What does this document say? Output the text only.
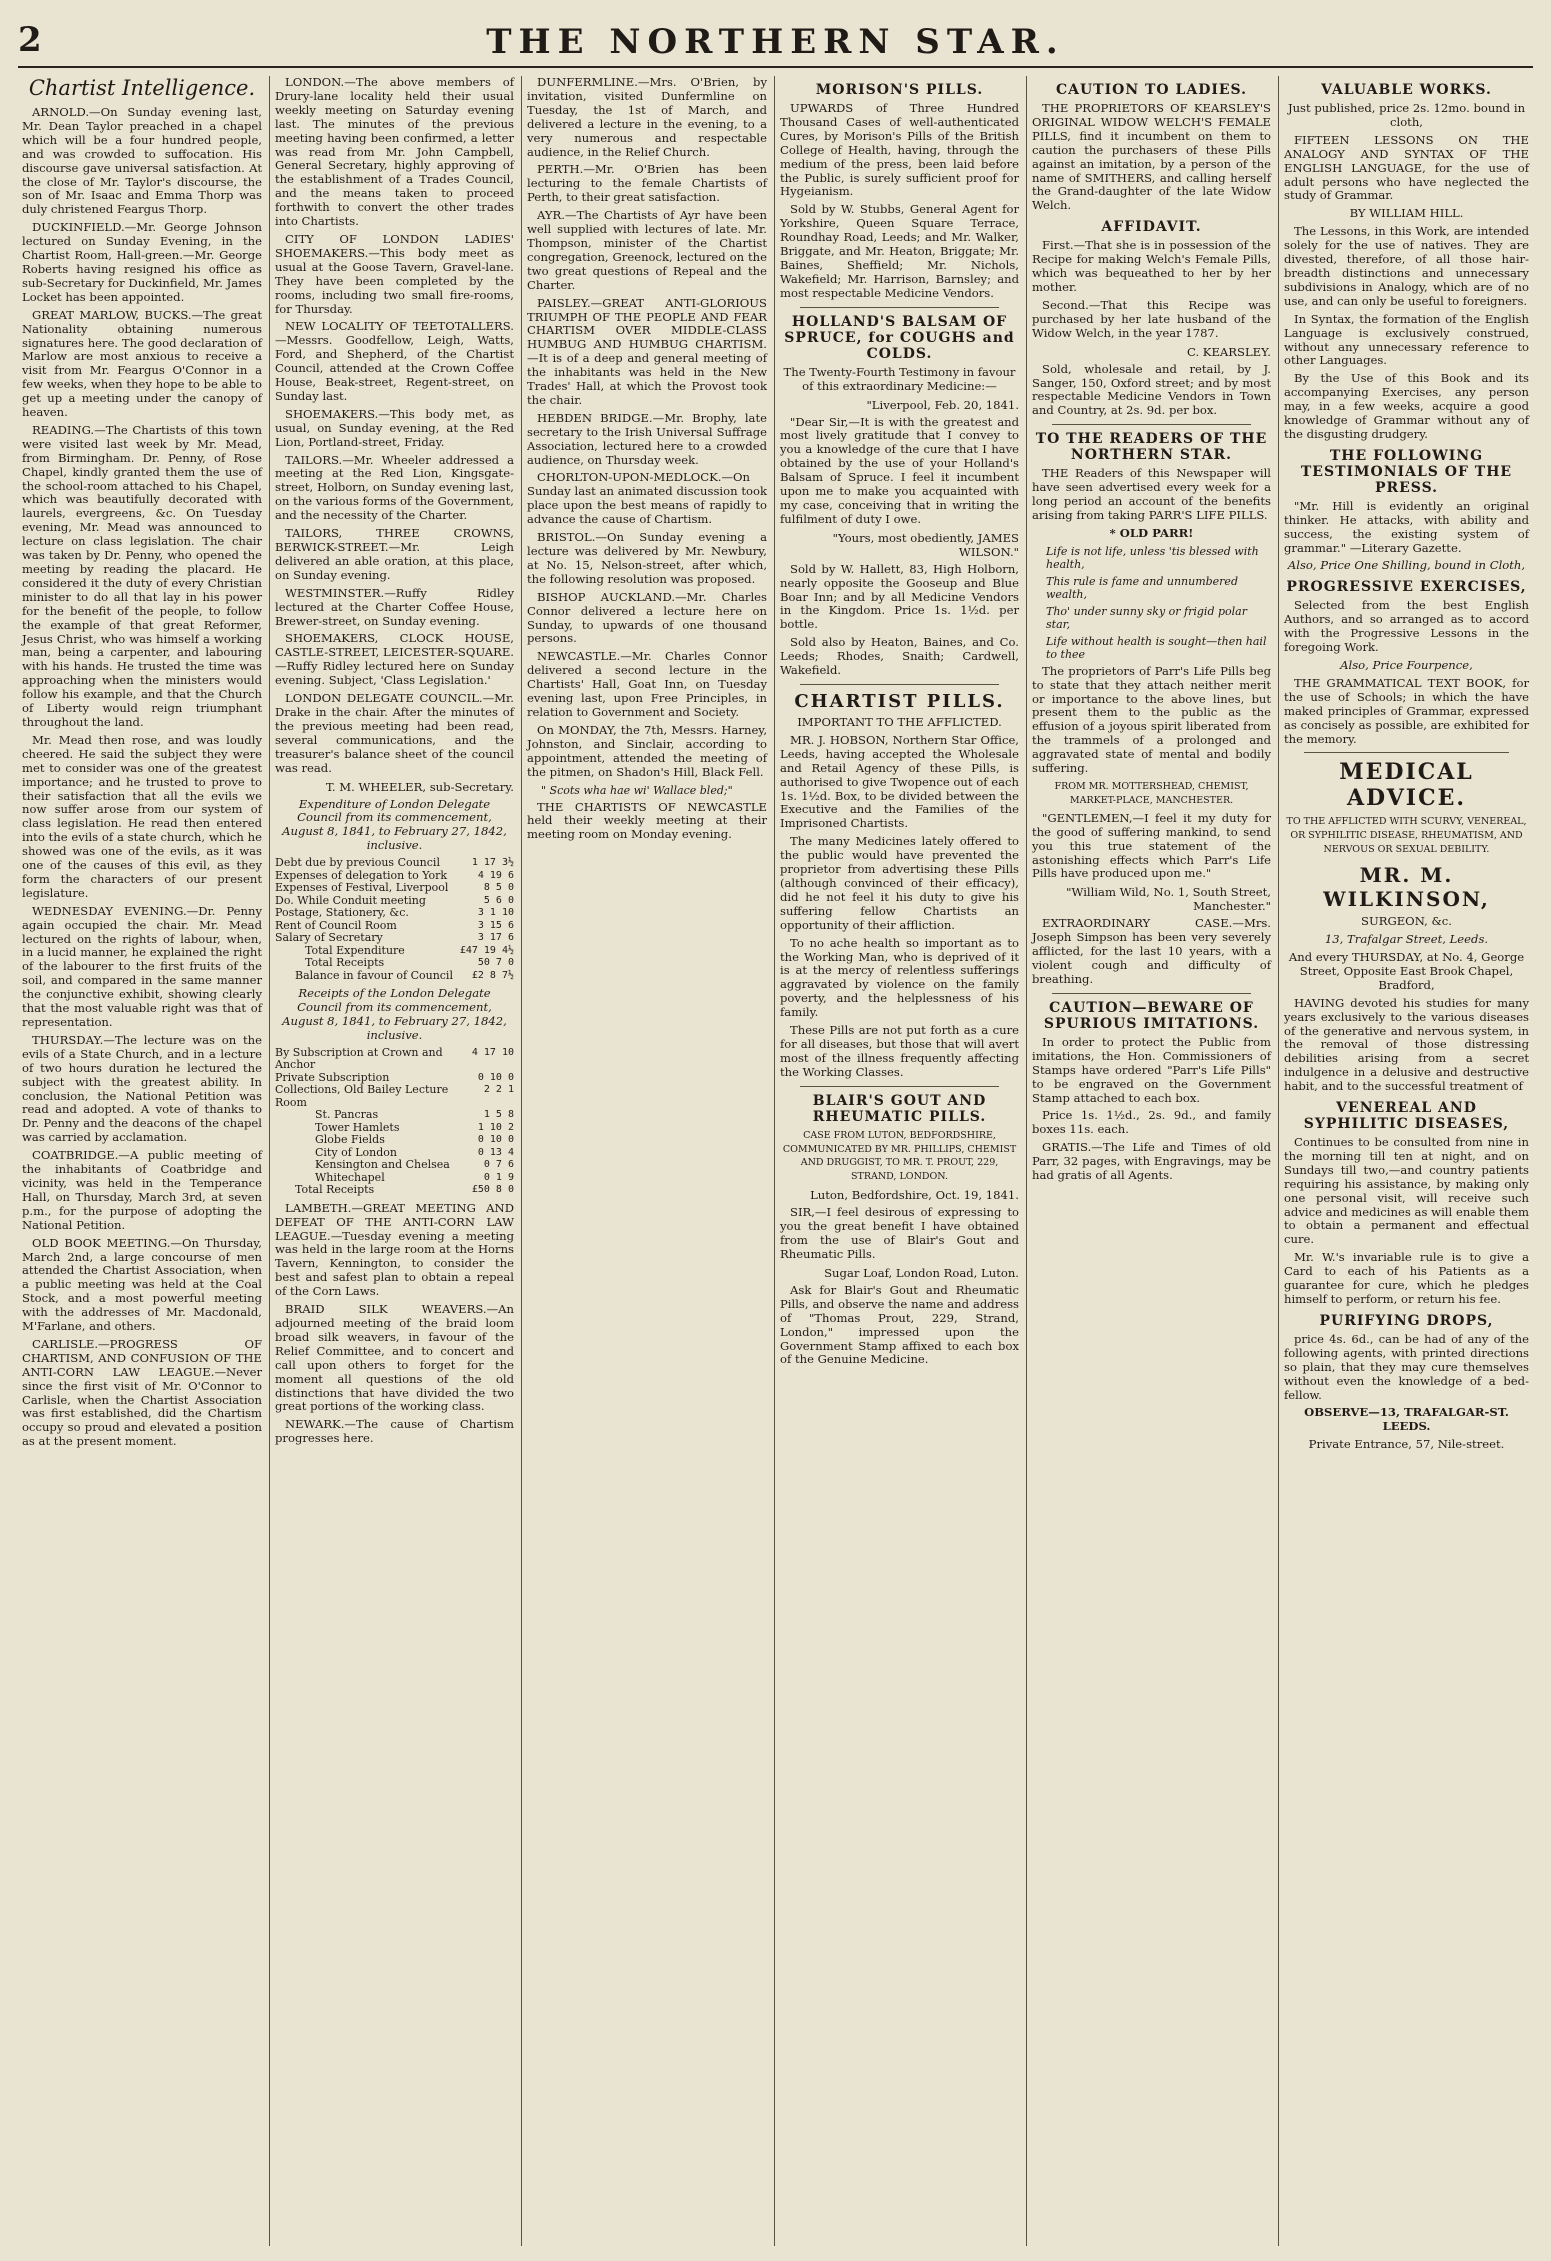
2	THE NORTHERN STAR.
Chartist Intelligence.

ARNOLD.—On Sunday evening last, Mr. Dean Taylor preached in a chapel which will be a four hundred people, and was crowded to suffocation. His discourse gave universal satisfaction. At the close of Mr. Taylor's discourse, the son of Mr. Isaac and Emma Thorp was duly christened Feargus Thorp.

DUCKINFIELD.—Mr. George Johnson lectured on Sunday Evening, in the Chartist Room, Hall-green.—Mr. George Roberts having resigned his office as sub-Secretary for Duckinfield, Mr. James Locket has been appointed.

GREAT MARLOW, BUCKS.—The great Nationality obtaining numerous signatures here. The good declaration of Marlow are most anxious to receive a visit from Mr. Feargus O'Connor in a few weeks, when they hope to be able to get up a meeting under the canopy of heaven.

READING.—The Chartists of this town were visited last week by Mr. Mead, from Birmingham. Dr. Penny, of Rose Chapel, kindly granted them the use of the school-room attached to his Chapel, which was beautifully decorated with laurels, evergreens, &c. On Tuesday evening, Mr. Mead was announced to lecture on class legislation. The chair was taken by Dr. Penny, who opened the meeting by reading the placard. He considered it the duty of every Christian minister to do all that lay in his power for the benefit of the people, to follow the example of that great Reformer, Jesus Christ, who was himself a working man, being a carpenter, and labouring with his hands. He trusted the time was approaching when the ministers would follow his example, and that the Church of Liberty would reign triumphant throughout the land.

Mr. Mead then rose, and was loudly cheered. He said the subject they were met to consider was one of the greatest importance; and he trusted to prove to their satisfaction that all the evils we now suffer arose from our system of class legislation. He read then entered into the evils of a state church, which he showed was one of the evils, as it was one of the causes of this evil, as they form the characters of our present legislature.

WEDNESDAY EVENING.—Dr. Penny again occupied the chair. Mr. Mead lectured on the rights of labour, when, in a lucid manner, he explained the right of the labourer to the first fruits of the soil, and compared in the same manner the conjunctive exhibit, showing clearly that the most valuable right was that of representation.

THURSDAY.—The lecture was on the evils of a State Church, and in a lecture of two hours duration he lectured the subject with the greatest ability. In conclusion, the National Petition was read and adopted. A vote of thanks to Dr. Penny and the deacons of the chapel was carried by acclamation.

COATBRIDGE.—A public meeting of the inhabitants of Coatbridge and vicinity, was held in the Temperance Hall, on Thursday, March 3rd, at seven p.m., for the purpose of adopting the National Petition.

OLD BOOK MEETING.—On Thursday, March 2nd, a large concourse of men attended the Chartist Association, when a public meeting was held at the Coal Stock, and a most powerful meeting with the addresses of Mr. Macdonald, M'Farlane, and others.

CARLISLE.—PROGRESS OF CHARTISM, AND CONFUSION OF THE ANTI-CORN LAW LEAGUE.—Never since the first visit of Mr. O'Connor to Carlisle, when the Chartist Association was first established, did the Chartism occupy so proud and elevated a position as at the present moment.

LONDON.—The above members of Drury-lane locality held their usual weekly meeting on Saturday evening last. The minutes of the previous meeting having been confirmed, a letter was read from Mr. John Campbell, General Secretary, highly approving of the establishment of a Trades Council, and the means taken to proceed forthwith to convert the other trades into Chartists.

CITY OF LONDON LADIES' SHOEMAKERS.—This body meet as usual at the Goose Tavern, Gravel-lane. They have been completed by the rooms, including two small fire-rooms, for Thursday.

NEW LOCALITY OF TEETOTALLERS.—Messrs. Goodfellow, Leigh, Watts, Ford, and Shepherd, of the Chartist Council, attended at the Crown Coffee House, Beak-street, Regent-street, on Sunday last.

SHOEMAKERS.—This body met, as usual, on Sunday evening, at the Red Lion, Portland-street, Friday.

TAILORS.—Mr. Wheeler addressed a meeting at the Red Lion, Kingsgate-street, Holborn, on Sunday evening last, on the various forms of the Government, and the necessity of the Charter.

TAILORS, THREE CROWNS, BERWICK-STREET.—Mr. Leigh delivered an able oration, at this place, on Sunday evening.

WESTMINSTER.—Ruffy Ridley lectured at the Charter Coffee House, Brewer-street, on Sunday evening.

SHOEMAKERS, CLOCK HOUSE, CASTLE-STREET, LEICESTER-SQUARE.—Ruffy Ridley lectured here on Sunday evening. Subject, 'Class Legislation.'

LONDON DELEGATE COUNCIL.—Mr. Drake in the chair. After the minutes of the previous meeting had been read, several communications, and the treasurer's balance sheet of the council was read.

T. M. WHEELER, sub-Secretary.

Expenditure of London Delegate Council from its commencement, August 8, 1841, to February 27, 1842, inclusive.

Debt due by previous Council	1 17 3½
Expenses of delegation to York	4 19 6
Expenses of Festival, Liverpool	8 5 0
Do. While Conduit meeting	5 6 0
Postage, Stationery, &c.	3 1 10
Rent of Council Room	3 15 6
Salary of Secretary	3 17 6
Total Expenditure	£47 19 4½
Total Receipts	50 7 0
Balance in favour of Council	£2 8 7½

Receipts of the London Delegate Council from its commencement, August 8, 1841, to February 27, 1842, inclusive.

By Subscription at Crown and Anchor	4 17 10
Private Subscription	0 10 0
Collections, Old Bailey Lecture Room	2 2 1
St. Pancras	1 5 8
Tower Hamlets	1 10 2
Globe Fields	0 10 0
City of London	0 13 4
Kensington and Chelsea	0 7 6
Whitechapel	0 1 9
Total Receipts	£50 8 0

LAMBETH.—GREAT MEETING AND DEFEAT OF THE ANTI-CORN LAW LEAGUE.—Tuesday evening a meeting was held in the large room at the Horns Tavern, Kennington, to consider the best and safest plan to obtain a repeal of the Corn Laws.

BRAID SILK WEAVERS.—An adjourned meeting of the braid loom broad silk weavers, in favour of the Relief Committee, and to concert and call upon others to forget for the moment all questions of the old distinctions that have divided the two great portions of the working class.

NEWARK.—The cause of Chartism progresses here.

DUNFERMLINE.—Mrs. O'Brien, by invitation, visited Dunfermline on Tuesday, the 1st of March, and delivered a lecture in the evening, to a very numerous and respectable audience, in the Relief Church.

PERTH.—Mr. O'Brien has been lecturing to the female Chartists of Perth, to their great satisfaction.

AYR.—The Chartists of Ayr have been well supplied with lectures of late. Mr. Thompson, minister of the Chartist congregation, Greenock, lectured on the two great questions of Repeal and the Charter.

PAISLEY.—GREAT ANTI-GLORIOUS TRIUMPH OF THE PEOPLE AND FEAR CHARTISM OVER MIDDLE-CLASS HUMBUG AND HUMBUG CHARTISM.—It is of a deep and general meeting of the inhabitants was held in the New Trades' Hall, at which the Provost took the chair.

HEBDEN BRIDGE.—Mr. Brophy, late secretary to the Irish Universal Suffrage Association, lectured here to a crowded audience, on Thursday week.

CHORLTON-UPON-MEDLOCK.—On Sunday last an animated discussion took place upon the best means of rapidly to advance the cause of Chartism.

BRISTOL.—On Sunday evening a lecture was delivered by Mr. Newbury, at No. 15, Nelson-street, after which, the following resolution was proposed.

BISHOP AUCKLAND.—Mr. Charles Connor delivered a lecture here on Sunday, to upwards of one thousand persons.

NEWCASTLE.—Mr. Charles Connor delivered a second lecture in the Chartists' Hall, Goat Inn, on Tuesday evening last, upon Free Principles, in relation to Government and Society.

On MONDAY, the 7th, Messrs. Harney, Johnston, and Sinclair, according to appointment, attended the meeting of the pitmen, on Shadon's Hill, Black Fell.

" Scots wha hae wi' Wallace bled;"

THE CHARTISTS OF NEWCASTLE held their weekly meeting at their meeting room on Monday evening.

MORISON'S PILLS.

UPWARDS of Three Hundred Thousand Cases of well-authenticated Cures, by Morison's Pills of the British College of Health, having, through the medium of the press, been laid before the Public, is surely sufficient proof for Hygeianism.

Sold by W. Stubbs, General Agent for Yorkshire, Queen Square Terrace, Roundhay Road, Leeds; and Mr. Walker, Briggate, and Mr. Heaton, Briggate; Mr. Baines, Sheffield; Mr. Nichols, Wakefield; Mr. Harrison, Barnsley; and most respectable Medicine Vendors.

HOLLAND'S BALSAM OF SPRUCE, for COUGHS and COLDS.

The Twenty-Fourth Testimony in favour of this extraordinary Medicine:—

"Liverpool, Feb. 20, 1841.

"Dear Sir,—It is with the greatest and most lively gratitude that I convey to you a knowledge of the cure that I have obtained by the use of your Holland's Balsam of Spruce. I feel it incumbent upon me to make you acquainted with my case, conceiving that in writing the fulfilment of duty I owe.

"Yours, most obediently, JAMES WILSON."

Sold by W. Hallett, 83, High Holborn, nearly opposite the Gooseup and Blue Boar Inn; and by all Medicine Vendors in the Kingdom. Price 1s. 1½d. per bottle.

Sold also by Heaton, Baines, and Co. Leeds; Rhodes, Snaith; Cardwell, Wakefield.

CHARTIST PILLS.

IMPORTANT TO THE AFFLICTED.

MR. J. HOBSON, Northern Star Office, Leeds, having accepted the Wholesale and Retail Agency of these Pills, is authorised to give Twopence out of each 1s. 1½d. Box, to be divided between the Executive and the Families of the Imprisoned Chartists.

The many Medicines lately offered to the public would have prevented the proprietor from advertising these Pills (although convinced of their efficacy), did he not feel it his duty to give his suffering fellow Chartists an opportunity of their affliction.

To no ache health so important as to the Working Man, who is deprived of it is at the mercy of relentless sufferings aggravated by violence on the family poverty, and the helplessness of his family.

These Pills are not put forth as a cure for all diseases, but those that will avert most of the illness frequently affecting the Working Classes.

BLAIR'S GOUT AND RHEUMATIC PILLS.

CASE FROM LUTON, BEDFORDSHIRE, COMMUNICATED BY MR. PHILLIPS, CHEMIST AND DRUGGIST, TO MR. T. PROUT, 229, STRAND, LONDON.

Luton, Bedfordshire, Oct. 19, 1841.

SIR,—I feel desirous of expressing to you the great benefit I have obtained from the use of Blair's Gout and Rheumatic Pills.

Sugar Loaf, London Road, Luton.

Ask for Blair's Gout and Rheumatic Pills, and observe the name and address of "Thomas Prout, 229, Strand, London," impressed upon the Government Stamp affixed to each box of the Genuine Medicine.

CAUTION TO LADIES.

THE PROPRIETORS OF KEARSLEY'S ORIGINAL WIDOW WELCH'S FEMALE PILLS, find it incumbent on them to caution the purchasers of these Pills against an imitation, by a person of the name of SMITHERS, and calling herself the Grand-daughter of the late Widow Welch.

AFFIDAVIT.

First.—That she is in possession of the Recipe for making Welch's Female Pills, which was bequeathed to her by her mother.

Second.—That this Recipe was purchased by her late husband of the Widow Welch, in the year 1787.

C. KEARSLEY.

Sold, wholesale and retail, by J. Sanger, 150, Oxford street; and by most respectable Medicine Vendors in Town and Country, at 2s. 9d. per box.

TO THE READERS OF THE NORTHERN STAR.

THE Readers of this Newspaper will have seen advertised every week for a long period an account of the benefits arising from taking PARR'S LIFE PILLS.

* OLD PARR!

Life is not life, unless 'tis blessed with health,

This rule is fame and unnumbered wealth,

Tho' under sunny sky or frigid polar star,

Life without health is sought—then hail to thee

The proprietors of Parr's Life Pills beg to state that they attach neither merit or importance to the above lines, but present them to the public as the effusion of a joyous spirit liberated from the trammels of a prolonged and aggravated state of mental and bodily suffering.

FROM MR. MOTTERSHEAD, CHEMIST, MARKET-PLACE, MANCHESTER.

"GENTLEMEN,—I feel it my duty for the good of suffering mankind, to send you this true statement of the astonishing effects which Parr's Life Pills have produced upon me."

"William Wild, No. 1, South Street, Manchester."

EXTRAORDINARY CASE.—Mrs. Joseph Simpson has been very severely afflicted, for the last 10 years, with a violent cough and difficulty of breathing.

CAUTION—BEWARE OF SPURIOUS IMITATIONS.

In order to protect the Public from imitations, the Hon. Commissioners of Stamps have ordered "Parr's Life Pills" to be engraved on the Government Stamp attached to each box.

Price 1s. 1½d., 2s. 9d., and family boxes 11s. each.

GRATIS.—The Life and Times of old Parr, 32 pages, with Engravings, may be had gratis of all Agents.

VALUABLE WORKS.

Just published, price 2s. 12mo. bound in cloth,

FIFTEEN LESSONS ON THE ANALOGY AND SYNTAX OF THE ENGLISH LANGUAGE, for the use of adult persons who have neglected the study of Grammar.

BY WILLIAM HILL.

The Lessons, in this Work, are intended solely for the use of natives. They are divested, therefore, of all those hair-breadth distinctions and unnecessary subdivisions in Analogy, which are of no use, and can only be useful to foreigners.

In Syntax, the formation of the English Language is exclusively construed, without any unnecessary reference to other Languages.

By the Use of this Book and its accompanying Exercises, any person may, in a few weeks, acquire a good knowledge of Grammar without any of the disgusting drudgery.

THE FOLLOWING TESTIMONIALS OF THE PRESS.

"Mr. Hill is evidently an original thinker. He attacks, with ability and success, the existing system of grammar." —Literary Gazette.

Also, Price One Shilling, bound in Cloth,

PROGRESSIVE EXERCISES,

Selected from the best English Authors, and so arranged as to accord with the Progressive Lessons in the foregoing Work.

Also, Price Fourpence,

THE GRAMMATICAL TEXT BOOK, for the use of Schools; in which the have maked principles of Grammar, expressed as concisely as possible, are exhibited for the memory.

MEDICAL ADVICE.

TO THE AFFLICTED WITH SCURVY, VENEREAL, OR SYPHILITIC DISEASE, RHEUMATISM, AND NERVOUS OR SEXUAL DEBILITY.

MR. M. WILKINSON,

SURGEON, &c.

13, Trafalgar Street, Leeds.

And every THURSDAY, at No. 4, George Street, Opposite East Brook Chapel, Bradford,

HAVING devoted his studies for many years exclusively to the various diseases of the generative and nervous system, in the removal of those distressing debilities arising from a secret indulgence in a delusive and destructive habit, and to the successful treatment of

VENEREAL AND SYPHILITIC DISEASES,

Continues to be consulted from nine in the morning till ten at night, and on Sundays till two,—and country patients requiring his assistance, by making only one personal visit, will receive such advice and medicines as will enable them to obtain a permanent and effectual cure.

Mr. W.'s invariable rule is to give a Card to each of his Patients as a guarantee for cure, which he pledges himself to perform, or return his fee.

PURIFYING DROPS,

price 4s. 6d., can be had of any of the following agents, with printed directions so plain, that they may cure themselves without even the knowledge of a bed-fellow.

OBSERVE—13, TRAFALGAR-ST. LEEDS.

Private Entrance, 57, Nile-street.
